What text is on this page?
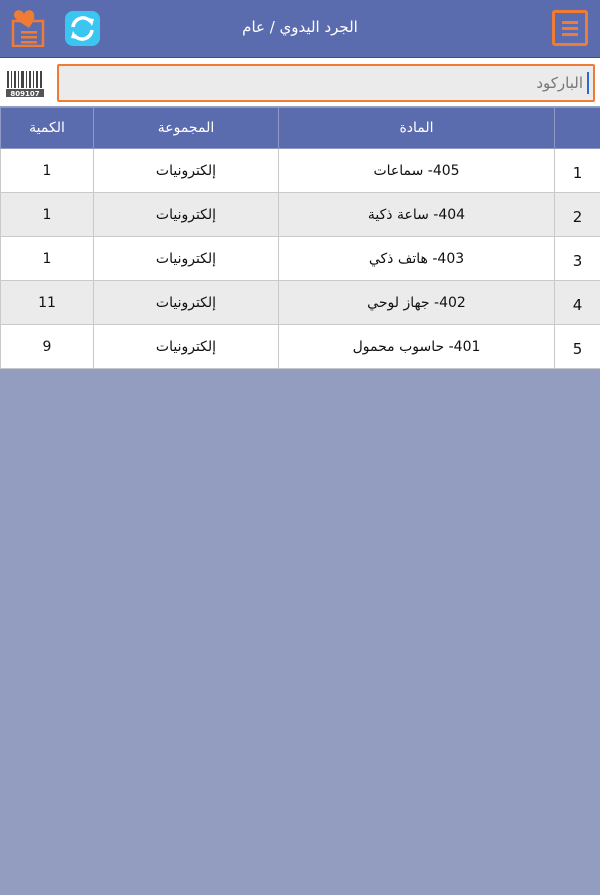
الجرد اليدوي / عام
809107
الباركود
	المادة	المجموعة	الكمية
1	405- سماعات	إلكترونيات	1
2	404- ساعة ذكية	إلكترونيات	1
3	403- هاتف ذكي	إلكترونيات	1
4	402- جهاز لوحي	إلكترونيات	11
5	401- حاسوب محمول	إلكترونيات	9
